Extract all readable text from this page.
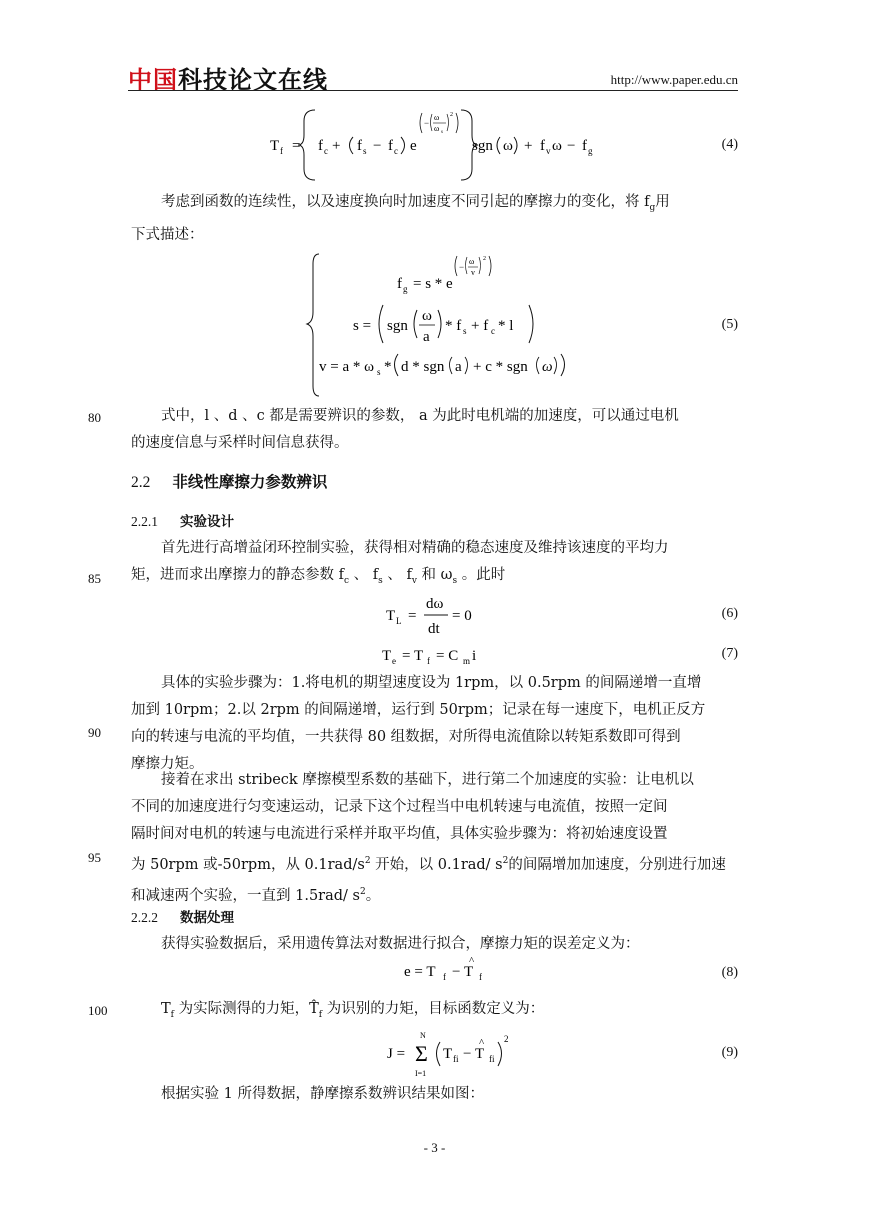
中国科技论文在线	http://www.paper.edu.cn
T f = f c + f s − f c e
−
ω
ω s
2
sgn ω + f v ω − f g	(4)
考虑到函数的连续性，以及速度换向时加速度不同引起的摩擦力的变化，将 $f_g$用
下式描述：
f g = s * e
−
ω
v
2
s = sgn
ω
a
* f s + f c * l
v = a * ω s * d * sgn a + c * sgn ω
(5)
80	式中，l 、d 、c 都是需要辨识的参数， a 为此时电机端的加速度，可以通过电机
的速度信息与采样时间信息获得。
2.2 非线性摩擦力参数辨识
2.2.1 实验设计
85
首先进行高增益闭环控制实验，获得相对精确的稳态速度及维持该速度的平均力
矩，进而求出摩擦力的静态参数 $f_c$ 、 $f_s$ 、 $f_v$ 和 $\omega_s$ 。此时
T L =
dω
dt
= 0	(6)
T e = T f = C m i	(7)
90
具体的实验步骤为：1.将电机的期望速度设为 1rpm，以 0.5rpm 的间隔递增一直增
加到 10rpm；2.以 2rpm 的间隔递增，运行到 50rpm；记录在每一速度下，电机正反方
向的转速与电流的平均值，一共获得 80 组数据，对所得电流值除以转矩系数即可得到
摩擦力矩。
95
接着在求出 stribeck 摩擦模型系数的基础下，进行第二个加速度的实验：让电机以
不同的加速度进行匀变速运动，记录下这个过程当中电机转速与电流值，按照一定间
隔时间对电机的转速与电流进行采样并取平均值，具体实验步骤为：将初始速度设置
为 50rpm 或-50rpm，从 $0.1rad/s^2$ 开始，以 0.1rad/ $s^2$的间隔增加加速度，分别进行加速
和减速两个实验，一直到 1.5rad/ $s^2$。
2.2.2 数据处理
获得实验数据后，采用遗传算法对数据进行拟合，摩擦力矩的误差定义为：
e = T f − T f
^
(8)
100	$T_f$ 为实际测得的力矩，$T̂_f$ 为识别的力矩，目标函数定义为：
J =
N
Σ
I=1
T fi − T fi
^ 2
(9)
根据实验 1 所得数据，静摩擦系数辨识结果如图：
- 3 -
